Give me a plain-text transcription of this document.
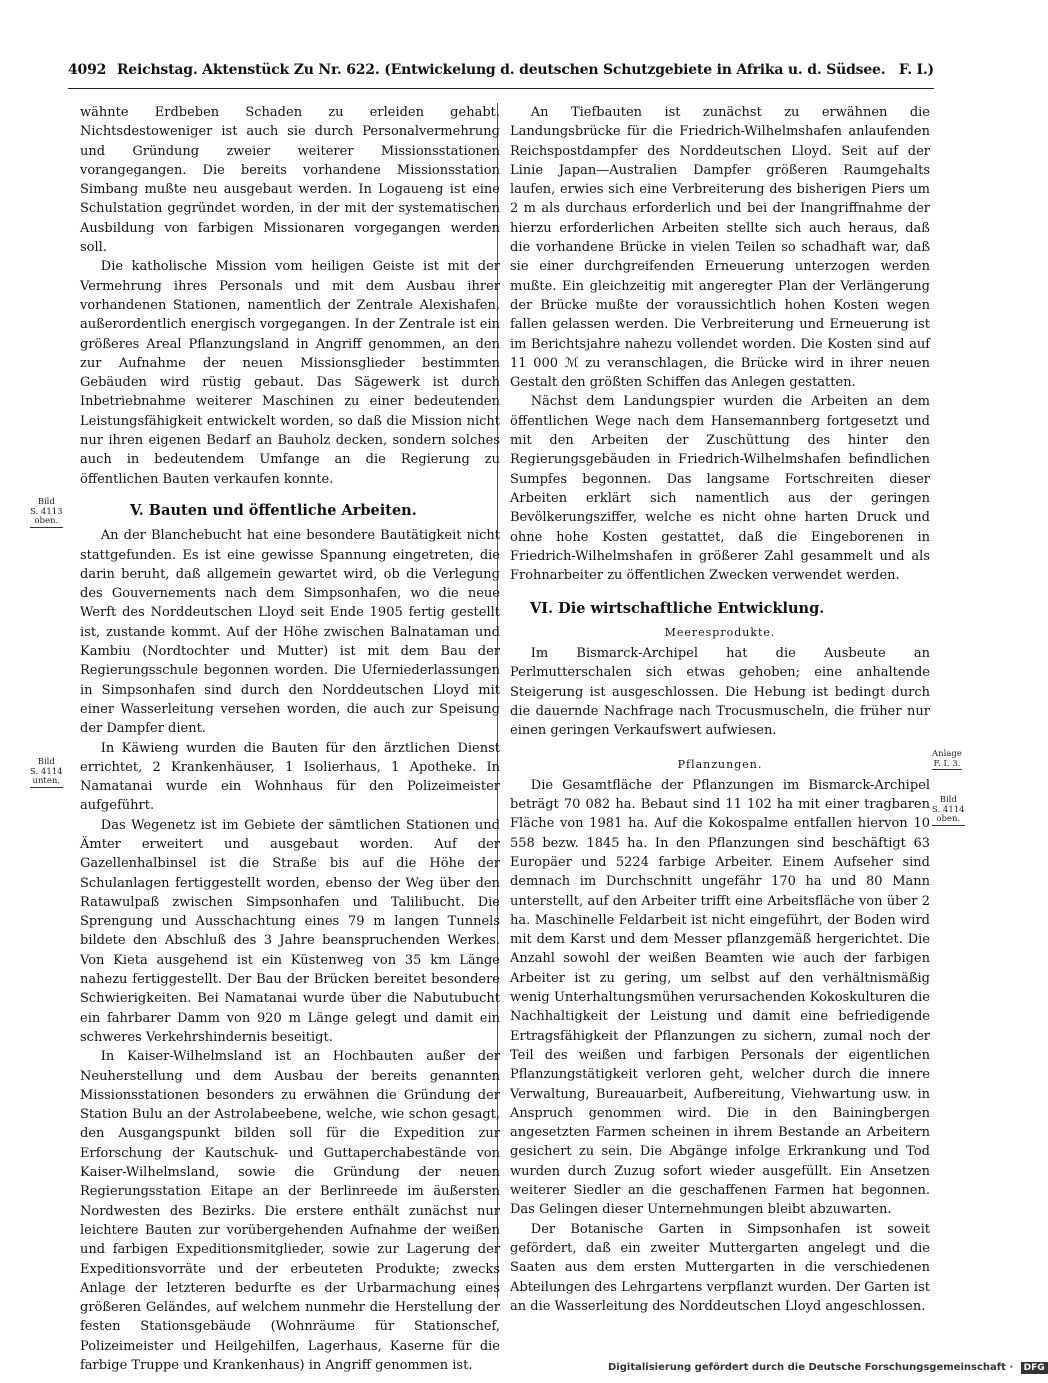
4092 Reichstag. Aktenstück Zu Nr. 622. (Entwickelung d. deutschen Schutzgebiete in Afrika u. d. Südsee. F. I.)

wähnte Erdbeben Schaden zu erleiden gehabt. Nichtsdestoweniger ist auch sie durch Personalvermehrung und Gründung zweier weiterer Missionsstationen vorangegangen. Die bereits vorhandene Missionsstation Simbang mußte neu ausgebaut werden. In Logaueng ist eine Schulstation gegründet worden, in der mit der systematischen Ausbildung von farbigen Missionaren vorgegangen werden soll.

Die katholische Mission vom heiligen Geiste ist mit der Vermehrung ihres Personals und mit dem Ausbau ihrer vorhandenen Stationen, namentlich der Zentrale Alexishafen, außerordentlich energisch vorgegangen. In der Zentrale ist ein größeres Areal Pflanzungsland in Angriff genommen, an den zur Aufnahme der neuen Missionsglieder bestimmten Gebäuden wird rüstig gebaut. Das Sägewerk ist durch Inbetriebnahme weiterer Maschinen zu einer bedeutenden Leistungsfähigkeit entwickelt worden, so daß die Mission nicht nur ihren eigenen Bedarf an Bauholz decken, sondern solches auch in bedeutendem Umfange an die Regierung zu öffentlichen Bauten verkaufen konnte.

V. Bauten und öffentliche Arbeiten.

An der Blanchebucht hat eine besondere Bautätigkeit nicht stattgefunden. Es ist eine gewisse Spannung eingetreten, die darin beruht, daß allgemein gewartet wird, ob die Verlegung des Gouvernements nach dem Simpsonhafen, wo die neue Werft des Norddeutschen Lloyd seit Ende 1905 fertig gestellt ist, zustande kommt. Auf der Höhe zwischen Balnataman und Kambiu (Nordtochter und Mutter) ist mit dem Bau der Regierungsschule begonnen worden. Die Uferniederlassungen in Simpsonhafen sind durch den Norddeutschen Lloyd mit einer Wasserleitung versehen worden, die auch zur Speisung der Dampfer dient.

In Käwieng wurden die Bauten für den ärztlichen Dienst errichtet, 2 Krankenhäuser, 1 Isolierhaus, 1 Apotheke. In Namatanai wurde ein Wohnhaus für den Polizeimeister aufgeführt.

Das Wegenetz ist im Gebiete der sämtlichen Stationen und Ämter erweitert und ausgebaut worden. Auf der Gazellenhalbinsel ist die Straße bis auf die Höhe der Schulanlagen fertiggestellt worden, ebenso der Weg über den Ratawulpaß zwischen Simpsonhafen und Talilibucht. Die Sprengung und Ausschachtung eines 79 m langen Tunnels bildete den Abschluß des 3 Jahre beanspruchenden Werkes. Von Kieta ausgehend ist ein Küstenweg von 35 km Länge nahezu fertiggestellt. Der Bau der Brücken bereitet besondere Schwierigkeiten. Bei Namatanai wurde über die Nabutubucht ein fahrbarer Damm von 920 m Länge gelegt und damit ein schweres Verkehrshindernis beseitigt.

In Kaiser-Wilhelmsland ist an Hochbauten außer der Neuherstellung und dem Ausbau der bereits genannten Missionsstationen besonders zu erwähnen die Gründung der Station Bulu an der Astrolabeebene, welche, wie schon gesagt, den Ausgangspunkt bilden soll für die Expedition zur Erforschung der Kautschuk- und Guttaperchabestände von Kaiser-Wilhelmsland, sowie die Gründung der neuen Regierungsstation Eitape an der Berlinreede im äußersten Nordwesten des Bezirks. Die erstere enthält zunächst nur leichtere Bauten zur vorübergehenden Aufnahme der weißen und farbigen Expeditionsmitglieder, sowie zur Lagerung der Expeditionsvorräte und der erbeuteten Produkte; zwecks Anlage der letzteren bedurfte es der Urbarmachung eines größeren Geländes, auf welchem nunmehr die Herstellung der festen Stationsgebäude (Wohnräume für Stationschef, Polizeimeister und Heilgehilfen, Lagerhaus, Kaserne für die farbige Truppe und Krankenhaus) in Angriff genommen ist.

An Tiefbauten ist zunächst zu erwähnen die Landungsbrücke für die Friedrich-Wilhelmshafen anlaufenden Reichspostdampfer des Norddeutschen Lloyd. Seit auf der Linie Japan—Australien Dampfer größeren Raumgehalts laufen, erwies sich eine Verbreiterung des bisherigen Piers um 2 m als durchaus erforderlich und bei der Inangriffnahme der hierzu erforderlichen Arbeiten stellte sich auch heraus, daß die vorhandene Brücke in vielen Teilen so schadhaft war, daß sie einer durchgreifenden Erneuerung unterzogen werden mußte. Ein gleichzeitig mit angeregter Plan der Verlängerung der Brücke mußte der voraussichtlich hohen Kosten wegen fallen gelassen werden. Die Verbreiterung und Erneuerung ist im Berichtsjahre nahezu vollendet worden. Die Kosten sind auf 11 000 ℳ zu veranschlagen, die Brücke wird in ihrer neuen Gestalt den größten Schiffen das Anlegen gestatten.

Nächst dem Landungspier wurden die Arbeiten an dem öffentlichen Wege nach dem Hansemannberg fortgesetzt und mit den Arbeiten der Zuschüttung des hinter den Regierungsgebäuden in Friedrich-Wilhelmshafen befindlichen Sumpfes begonnen. Das langsame Fortschreiten dieser Arbeiten erklärt sich namentlich aus der geringen Bevölkerungsziffer, welche es nicht ohne harten Druck und ohne hohe Kosten gestattet, daß die Eingeborenen in Friedrich-Wilhelmshafen in größerer Zahl gesammelt und als Frohnarbeiter zu öffentlichen Zwecken verwendet werden.

VI. Die wirtschaftliche Entwicklung.
Meeresprodukte.

Im Bismarck-Archipel hat die Ausbeute an Perlmutterschalen sich etwas gehoben; eine anhaltende Steigerung ist ausgeschlossen. Die Hebung ist bedingt durch die dauernde Nachfrage nach Trocusmuscheln, die früher nur einen geringen Verkaufswert aufwiesen.

Pflanzungen.

Die Gesamtfläche der Pflanzungen im Bismarck-Archipel beträgt 70 082 ha. Bebaut sind 11 102 ha mit einer tragbaren Fläche von 1981 ha. Auf die Kokospalme entfallen hiervon 10 558 bezw. 1845 ha. In den Pflanzungen sind beschäftigt 63 Europäer und 5224 farbige Arbeiter. Einem Aufseher sind demnach im Durchschnitt ungefähr 170 ha und 80 Mann unterstellt, auf den Arbeiter trifft eine Arbeitsfläche von über 2 ha. Maschinelle Feldarbeit ist nicht eingeführt, der Boden wird mit dem Karst und dem Messer pflanzgemäß hergerichtet. Die Anzahl sowohl der weißen Beamten wie auch der farbigen Arbeiter ist zu gering, um selbst auf den verhältnismäßig wenig Unterhaltungsmühen verursachenden Kokoskulturen die Nachhaltigkeit der Leistung und damit eine befriedigende Ertragsfähigkeit der Pflanzungen zu sichern, zumal noch der Teil des weißen und farbigen Personals der eigentlichen Pflanzungstätigkeit verloren geht, welcher durch die innere Verwaltung, Bureauarbeit, Aufbereitung, Viehwartung usw. in Anspruch genommen wird. Die in den Bainingbergen angesetzten Farmen scheinen in ihrem Bestande an Arbeitern gesichert zu sein. Die Abgänge infolge Erkrankung und Tod wurden durch Zuzug sofort wieder ausgefüllt. Ein Ansetzen weiterer Siedler an die geschaffenen Farmen hat begonnen. Das Gelingen dieser Unternehmungen bleibt abzuwarten.

Der Botanische Garten in Simpsonhafen ist soweit gefördert, daß ein zweiter Muttergarten angelegt und die Saaten aus dem ersten Muttergarten in die verschiedenen Abteilungen des Lehrgartens verpflanzt wurden. Der Garten ist an die Wasserleitung des Norddeutschen Lloyd angeschlossen.

Bild
S. 4113
oben.
Bild
S. 4114
unten.
Anlage
F. I. 3.
Bild
S. 4114
oben.
Digitalisierung gefördert durch die Deutsche Forschungsgemeinschaft · DFG
